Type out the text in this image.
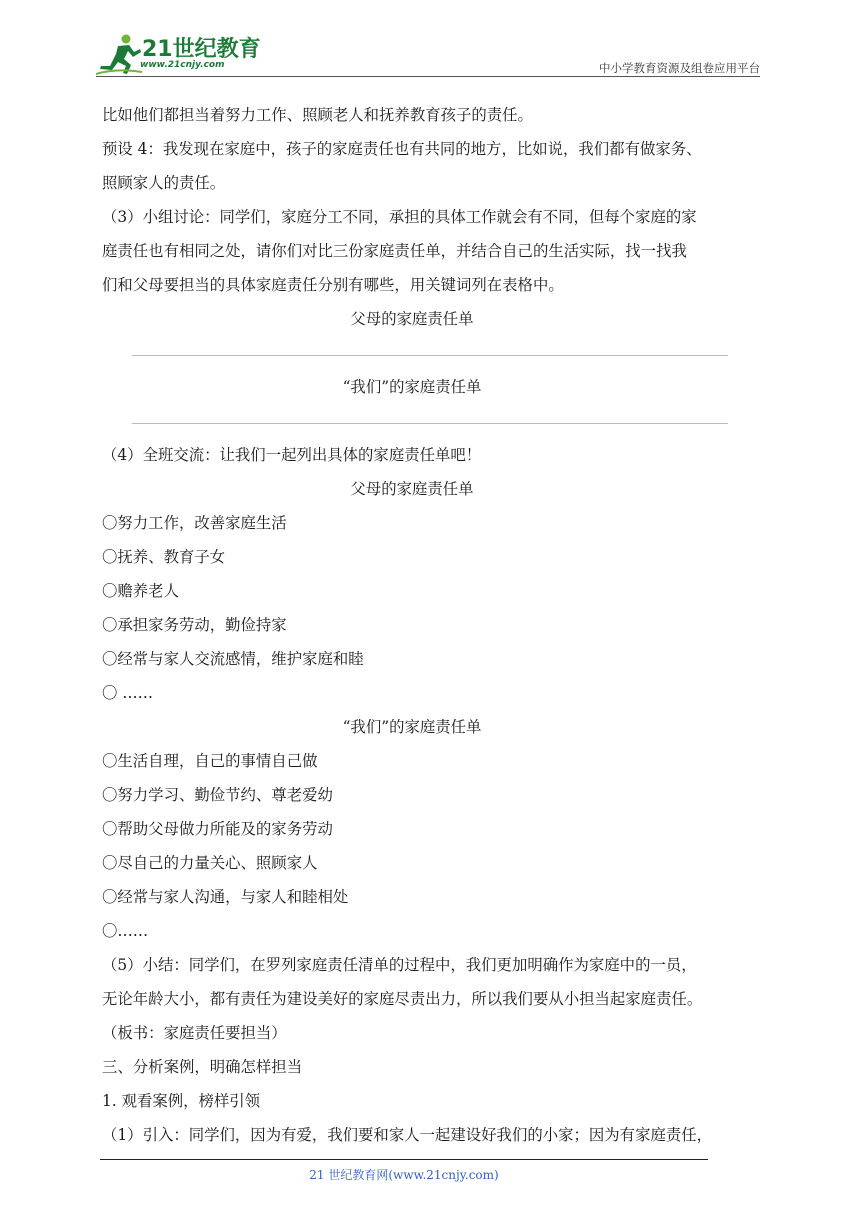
21世纪教育
www.21cnjy.com	中小学教育资源及组卷应用平台
比如他们都担当着努力工作、照顾老人和抚养教育孩子的责任。
预设 4：我发现在家庭中，孩子的家庭责任也有共同的地方，比如说，我们都有做家务、
照顾家人的责任。
（3）小组讨论：同学们，家庭分工不同，承担的具体工作就会有不同，但每个家庭的家
庭责任也有相同之处，请你们对比三份家庭责任单，并结合自己的生活实际，找一找我
们和父母要担当的具体家庭责任分别有哪些，用关键词列在表格中。
父母的家庭责任单
“我们”的家庭责任单
（4）全班交流：让我们一起列出具体的家庭责任单吧！
父母的家庭责任单
〇努力工作，改善家庭生活
〇抚养、教育子女
〇赡养老人
〇承担家务劳动，勤俭持家
〇经常与家人交流感情，维护家庭和睦
〇 ……
“我们”的家庭责任单
〇生活自理，自己的事情自己做
〇努力学习、勤俭节约、尊老爱幼
〇帮助父母做力所能及的家务劳动
〇尽自己的力量关心、照顾家人
〇经常与家人沟通，与家人和睦相处
〇……
（5）小结：同学们，在罗列家庭责任清单的过程中，我们更加明确作为家庭中的一员，
无论年龄大小，都有责任为建设美好的家庭尽责出力，所以我们要从小担当起家庭责任。
（板书：家庭责任要担当）
三、分析案例，明确怎样担当
1. 观看案例，榜样引领
（1）引入：同学们，因为有爱，我们要和家人一起建设好我们的小家；因为有家庭责任，
21 世纪教育网(www.21cnjy.com)
